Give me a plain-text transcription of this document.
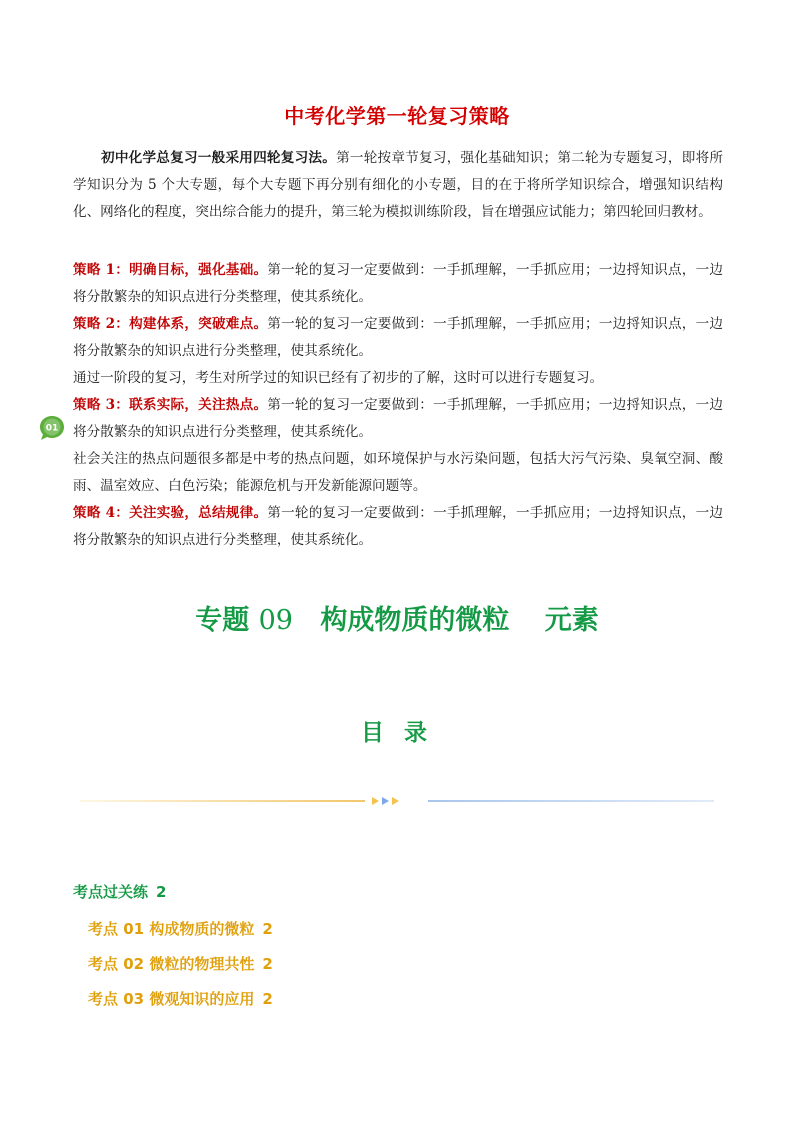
中考化学第一轮复习策略
初中化学总复习一般采用四轮复习法。第一轮按章节复习，强化基础知识；第二轮为专题复习，即将所学知识分为 5 个大专题，每个大专题下再分别有细化的小专题，目的在于将所学知识综合，增强知识结构化、网络化的程度，突出综合能力的提升，第三轮为模拟训练阶段，旨在增强应试能力；第四轮回归教材。

策略 1：明确目标，强化基础。第一轮的复习一定要做到：一手抓理解，一手抓应用；一边捋知识点，一边将分散繁杂的知识点进行分类整理，使其系统化。

策略 2：构建体系，突破难点。第一轮的复习一定要做到：一手抓理解，一手抓应用；一边捋知识点，一边将分散繁杂的知识点进行分类整理，使其系统化。

通过一阶段的复习，考生对所学过的知识已经有了初步的了解，这时可以进行专题复习。

策略 3：联系实际，关注热点。第一轮的复习一定要做到：一手抓理解，一手抓应用；一边捋知识点，一边将分散繁杂的知识点进行分类整理，使其系统化。

社会关注的热点问题很多都是中考的热点问题，如环境保护与水污染问题，包括大污气污染、臭氧空洞、酸雨、温室效应、白色污染；能源危机与开发新能源问题等。

策略 4：关注实验，总结规律。第一轮的复习一定要做到：一手抓理解，一手抓应用；一边捋知识点，一边将分散繁杂的知识点进行分类整理，使其系统化。

01
专题 09 构成物质的微粒 元素
目 录
考点过关练 2
考点 01 构成物质的微粒 2
考点 02 微粒的物理共性 2
考点 03 微观知识的应用 2
